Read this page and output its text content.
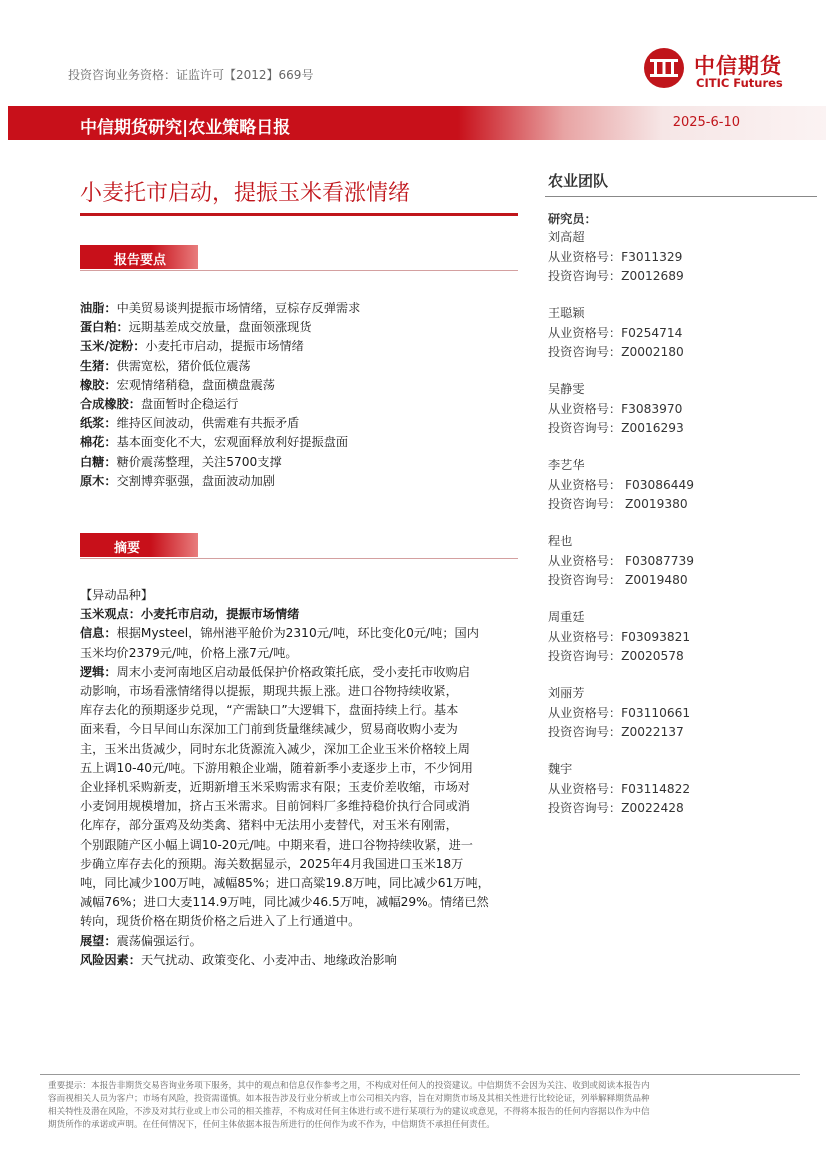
投资咨询业务资格：证监许可【2012】669号	中信期货
CITIC Futures
中信期货研究|农业策略日报	2025-6-10
小麦托市启动，提振玉米看涨情绪
报告要点
油脂：中美贸易谈判提振市场情绪，豆棕存反弹需求
蛋白粕：远期基差成交放量，盘面领涨现货
玉米/淀粉：小麦托市启动，提振市场情绪
生猪：供需宽松，猪价低位震荡
橡胶：宏观情绪稍稳，盘面横盘震荡
合成橡胶：盘面暂时企稳运行
纸浆：维持区间波动，供需难有共振矛盾
棉花：基本面变化不大，宏观面释放利好提振盘面
白糖：糖价震荡整理，关注5700支撑
原木：交割博弈驱强，盘面波动加剧
摘要
【异动品种】
玉米观点：小麦托市启动，提振市场情绪
信息：根据Mysteel，锦州港平舱价为2310元/吨，环比变化0元/吨；国内
玉米均价2379元/吨，价格上涨7元/吨。
逻辑：周末小麦河南地区启动最低保护价格政策托底，受小麦托市收购启
动影响，市场看涨情绪得以提振，期现共振上涨。进口谷物持续收紧，
库存去化的预期逐步兑现，“产需缺口”大逻辑下，盘面持续上行。基本
面来看，今日早间山东深加工门前到货量继续减少，贸易商收购小麦为
主，玉米出货减少，同时东北货源流入减少，深加工企业玉米价格较上周
五上调10-40元/吨。下游用粮企业端，随着新季小麦逐步上市，不少饲用
企业择机采购新麦，近期新增玉米采购需求有限；玉麦价差收缩，市场对
小麦饲用规模增加，挤占玉米需求。目前饲料厂多维持稳价执行合同或消
化库存，部分蛋鸡及幼类禽、猪料中无法用小麦替代，对玉米有刚需，
个别跟随产区小幅上调10-20元/吨。中期来看，进口谷物持续收紧，进一
步确立库存去化的预期。海关数据显示，2025年4月我国进口玉米18万
吨，同比减少100万吨，减幅85%；进口高粱19.8万吨，同比减少61万吨，
减幅76%；进口大麦114.9万吨，同比减少46.5万吨，减幅29%。情绪已然
转向，现货价格在期货价格之后进入了上行通道中。
展望：震荡偏强运行。
风险因素：天气扰动、政策变化、小麦冲击、地缘政治影响
农业团队
研究员：
刘高超
从业资格号：F3011329
投资咨询号：Z0012689
王聪颖
从业资格号：F0254714
投资咨询号：Z0002180
吴静雯
从业资格号：F3083970
投资咨询号：Z0016293
李艺华
从业资格号： F03086449
投资咨询号： Z0019380
程也
从业资格号： F03087739
投资咨询号： Z0019480
周重廷
从业资格号：F03093821
投资咨询号：Z0020578
刘丽芳
从业资格号：F03110661
投资咨询号：Z0022137
魏宇
从业资格号：F03114822
投资咨询号：Z0022428
重要提示：本报告非期货交易咨询业务项下服务，其中的观点和信息仅作参考之用，不构成对任何人的投资建议。中信期货不会因为关注、收到或阅读本报告内
容而视相关人员为客户；市场有风险，投资需谨慎。如本报告涉及行业分析或上市公司相关内容，旨在对期货市场及其相关性进行比较论证，列举解释期货品种
相关特性及潜在风险，不涉及对其行业或上市公司的相关推荐，不构成对任何主体进行或不进行某项行为的建议或意见，不得将本报告的任何内容据以作为中信
期货所作的承诺或声明。在任何情况下，任何主体依据本报告所进行的任何作为或不作为，中信期货不承担任何责任。
